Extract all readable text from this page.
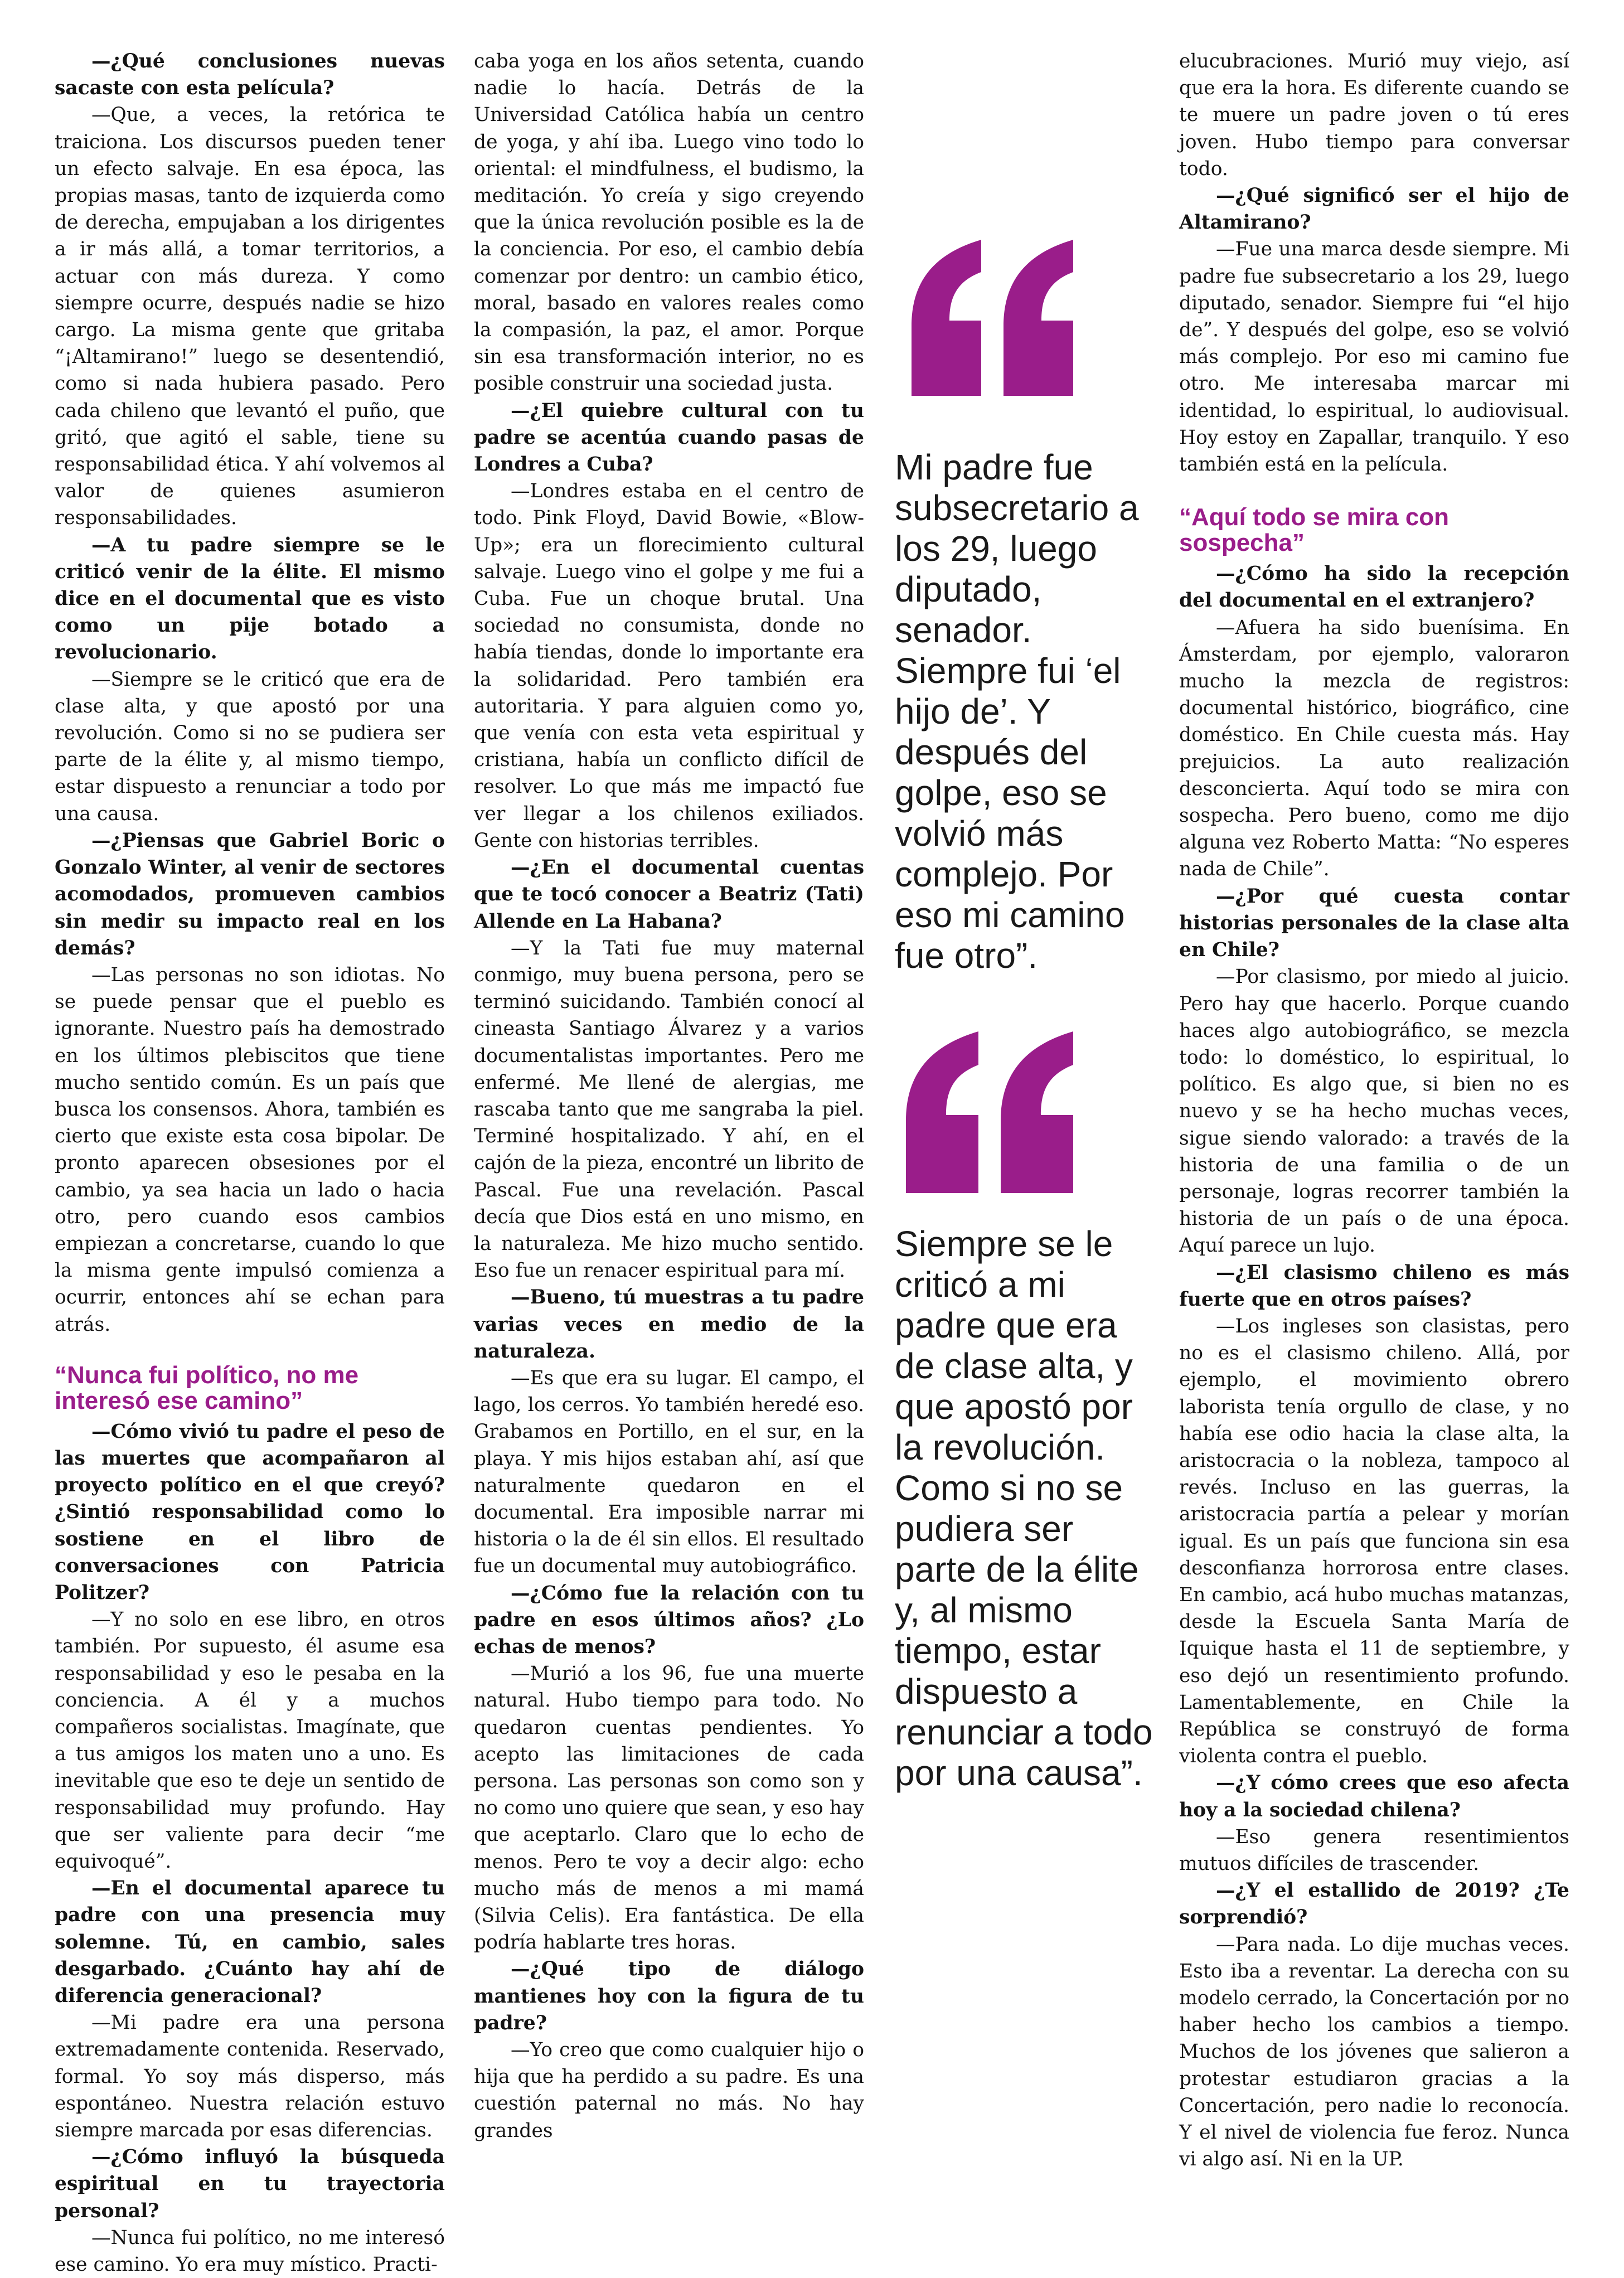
—¿Qué conclusiones nuevas sacaste con esta película?

—Que, a veces, la retórica te traiciona. Los discursos pueden tener un efecto salvaje. En esa época, las propias masas, tanto de izquierda como de derecha, empujaban a los dirigentes a ir más allá, a tomar territorios, a actuar con más dureza. Y como siempre ocurre, después nadie se hizo cargo. La misma gente que gritaba “¡Altamirano!” luego se desentendió, como si nada hubiera pasado. Pero cada chileno que levantó el puño, que gritó, que agitó el sable, tiene su responsabilidad ética. Y ahí volvemos al valor de quienes asumieron responsabilidades.

—A tu padre siempre se le criticó venir de la élite. El mismo dice en el documental que es visto como un pije botado a revolucionario.

—Siempre se le criticó que era de clase alta, y que apostó por una revolución. Como si no se pudiera ser parte de la élite y, al mismo tiempo, estar dispuesto a renunciar a todo por una causa.

—¿Piensas que Gabriel Boric o Gonzalo Winter, al venir de sectores acomodados, promueven cambios sin medir su impacto real en los demás?

—Las personas no son idiotas. No se puede pensar que el pueblo es ignorante. Nuestro país ha demostrado en los últimos plebiscitos que tiene mucho sentido común. Es un país que busca los consensos. Ahora, también es cierto que existe esta cosa bipolar. De pronto aparecen obsesiones por el cambio, ya sea hacia un lado o hacia otro, pero cuando esos cambios empiezan a concretarse, cuando lo que la misma gente impulsó comienza a ocurrir, entonces ahí se echan para atrás.

“Nunca fui político, no me interesó ese camino”

—Cómo vivió tu padre el peso de las muertes que acompañaron al proyecto político en el que creyó? ¿Sintió responsabilidad como lo sostiene en el libro de conversaciones con Patricia Politzer?

—Y no solo en ese libro, en otros también. Por supuesto, él asume esa responsabilidad y eso le pesaba en la conciencia. A él y a muchos compañeros socialistas. Imagínate, que a tus amigos los maten uno a uno. Es inevitable que eso te deje un sentido de responsabilidad muy profundo. Hay que ser valiente para decir “me equivoqué”.

—En el documental aparece tu padre con una presencia muy solemne. Tú, en cambio, sales desgarbado. ¿Cuánto hay ahí de diferencia generacional?

—Mi padre era una persona extremadamente contenida. Reservado, formal. Yo soy más disperso, más espontáneo. Nuestra relación estuvo siempre marcada por esas diferencias.

—¿Cómo influyó la búsqueda espiritual en tu trayectoria personal?

—Nunca fui político, no me interesó ese camino. Yo era muy místico. Practi-

caba yoga en los años setenta, cuando nadie lo hacía. Detrás de la Universidad Católica había un centro de yoga, y ahí iba. Luego vino todo lo oriental: el mindfulness, el budismo, la meditación. Yo creía y sigo creyendo que la única revolución posible es la de la conciencia. Por eso, el cambio debía comenzar por dentro: un cambio ético, moral, basado en valores reales como la compasión, la paz, el amor. Porque sin esa transformación interior, no es posible construir una sociedad justa.

—¿El quiebre cultural con tu padre se acentúa cuando pasas de Londres a Cuba?

—Londres estaba en el centro de todo. Pink Floyd, David Bowie, «Blow-Up»; era un florecimiento cultural salvaje. Luego vino el golpe y me fui a Cuba. Fue un choque brutal. Una sociedad no consumista, donde no había tiendas, donde lo importante era la solidaridad. Pero también era autoritaria. Y para alguien como yo, que venía con esta veta espiritual y cristiana, había un conflicto difícil de resolver. Lo que más me impactó fue ver llegar a los chilenos exiliados. Gente con historias terribles.

—¿En el documental cuentas que te tocó conocer a Beatriz (Tati) Allende en La Habana?

—Y la Tati fue muy maternal conmigo, muy buena persona, pero se terminó suicidando. También conocí al cineasta Santiago Álvarez y a varios documentalistas importantes. Pero me enfermé. Me llené de alergias, me rascaba tanto que me sangraba la piel. Terminé hospitalizado. Y ahí, en el cajón de la pieza, encontré un librito de Pascal. Fue una revelación. Pascal decía que Dios está en uno mismo, en la naturaleza. Me hizo mucho sentido. Eso fue un renacer espiritual para mí.

—Bueno, tú muestras a tu padre varias veces en medio de la naturaleza.

—Es que era su lugar. El campo, el lago, los cerros. Yo también heredé eso. Grabamos en Portillo, en el sur, en la playa. Y mis hijos estaban ahí, así que naturalmente quedaron en el documental. Era imposible narrar mi historia o la de él sin ellos. El resultado fue un documental muy autobiográfico.

—¿Cómo fue la relación con tu padre en esos últimos años? ¿Lo echas de menos?

—Murió a los 96, fue una muerte natural. Hubo tiempo para todo. No quedaron cuentas pendientes. Yo acepto las limitaciones de cada persona. Las personas son como son y no como uno quiere que sean, y eso hay que aceptarlo. Claro que lo echo de menos. Pero te voy a decir algo: echo mucho más de menos a mi mamá (Silvia Celis). Era fantástica. De ella podría hablarte tres horas.

—¿Qué tipo de diálogo mantienes hoy con la figura de tu padre?

—Yo creo que como cualquier hijo o hija que ha perdido a su padre. Es una cuestión paternal no más. No hay grandes

Mi padre fue subsecretario a los 29, luego diputado, senador. Siempre fui ‘el hijo de’. Y después del golpe, eso se volvió más complejo. Por eso mi camino fue otro”.
Siempre se le criticó a mi padre que era de clase alta, y que apostó por la revolución. Como si no se pudiera ser parte de la élite y, al mismo tiempo, estar dispuesto a renunciar a todo por una causa”.

elucubraciones. Murió muy viejo, así que era la hora. Es diferente cuando se te muere un padre joven o tú eres joven. Hubo tiempo para conversar todo.

—¿Qué significó ser el hijo de Altamirano?

—Fue una marca desde siempre. Mi padre fue subsecretario a los 29, luego diputado, senador. Siempre fui “el hijo de”. Y después del golpe, eso se volvió más complejo. Por eso mi camino fue otro. Me interesaba marcar mi identidad, lo espiritual, lo audiovisual. Hoy estoy en Zapallar, tranquilo. Y eso también está en la película.

“Aquí todo se mira con sospecha”

—¿Cómo ha sido la recepción del documental en el extranjero?

—Afuera ha sido buenísima. En Ámsterdam, por ejemplo, valoraron mucho la mezcla de registros: documental histórico, biográfico, cine doméstico. En Chile cuesta más. Hay prejuicios. La auto realización desconcierta. Aquí todo se mira con sospecha. Pero bueno, como me dijo alguna vez Roberto Matta: “No esperes nada de Chile”.

—¿Por qué cuesta contar historias personales de la clase alta en Chile?

—Por clasismo, por miedo al juicio. Pero hay que hacerlo. Porque cuando haces algo autobiográfico, se mezcla todo: lo doméstico, lo espiritual, lo político. Es algo que, si bien no es nuevo y se ha hecho muchas veces, sigue siendo valorado: a través de la historia de una familia o de un personaje, logras recorrer también la historia de un país o de una época. Aquí parece un lujo.

—¿El clasismo chileno es más fuerte que en otros países?

—Los ingleses son clasistas, pero no es el clasismo chileno. Allá, por ejemplo, el movimiento obrero laborista tenía orgullo de clase, y no había ese odio hacia la clase alta, la aristocracia o la nobleza, tampoco al revés. Incluso en las guerras, la aristocracia partía a pelear y morían igual. Es un país que funciona sin esa desconfianza horrorosa entre clases. En cambio, acá hubo muchas matanzas, desde la Escuela Santa María de Iquique hasta el 11 de septiembre, y eso dejó un resentimiento profundo. Lamentablemente, en Chile la República se construyó de forma violenta contra el pueblo.

—¿Y cómo crees que eso afecta hoy a la sociedad chilena?

—Eso genera resentimientos mutuos difíciles de trascender.

—¿Y el estallido de 2019? ¿Te sorprendió?

—Para nada. Lo dije muchas veces. Esto iba a reventar. La derecha con su modelo cerrado, la Concertación por no haber hecho los cambios a tiempo. Muchos de los jóvenes que salieron a protestar estudiaron gracias a la Concertación, pero nadie lo reconocía. Y el nivel de violencia fue feroz. Nunca vi algo así. Ni en la UP.
